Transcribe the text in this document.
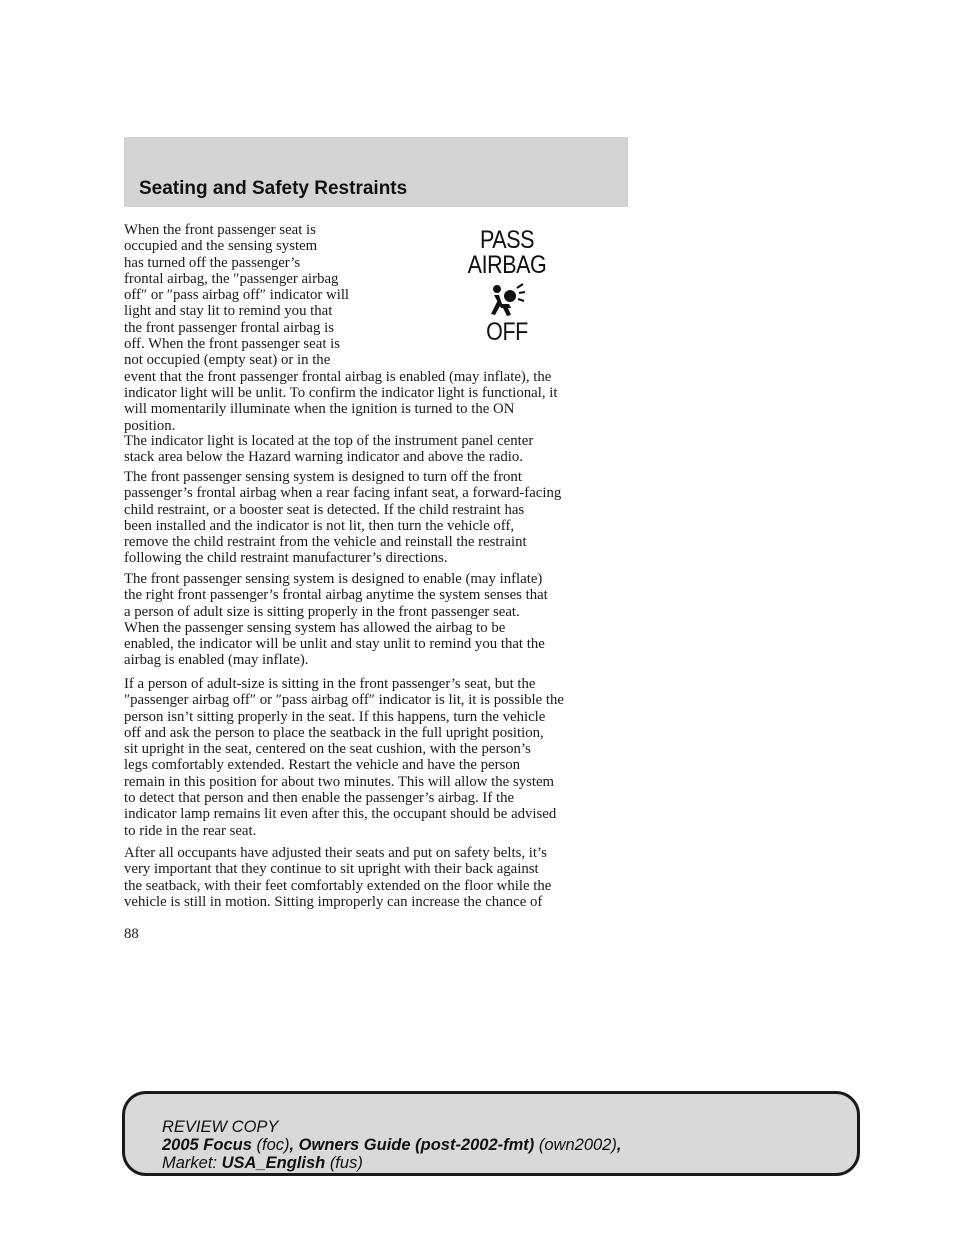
Seating and Safety Restraints
PASS
AIRBAG
OFF
When the front passenger seat is
occupied and the sensing system
has turned off the passenger’s
frontal airbag, the ″passenger airbag
off″ or ″pass airbag off″ indicator will
light and stay lit to remind you that
the front passenger frontal airbag is
off. When the front passenger seat is
not occupied (empty seat) or in the
event that the front passenger frontal airbag is enabled (may inflate), the
indicator light will be unlit. To confirm the indicator light is functional, it
will momentarily illuminate when the ignition is turned to the ON
position.
The indicator light is located at the top of the instrument panel center
stack area below the Hazard warning indicator and above the radio.
The front passenger sensing system is designed to turn off the front
passenger’s frontal airbag when a rear facing infant seat, a forward-facing
child restraint, or a booster seat is detected. If the child restraint has
been installed and the indicator is not lit, then turn the vehicle off,
remove the child restraint from the vehicle and reinstall the restraint
following the child restraint manufacturer’s directions.
The front passenger sensing system is designed to enable (may inflate)
the right front passenger’s frontal airbag anytime the system senses that
a person of adult size is sitting properly in the front passenger seat.
When the passenger sensing system has allowed the airbag to be
enabled, the indicator will be unlit and stay unlit to remind you that the
airbag is enabled (may inflate).
If a person of adult-size is sitting in the front passenger’s seat, but the
″passenger airbag off″ or ″pass airbag off″ indicator is lit, it is possible the
person isn’t sitting properly in the seat. If this happens, turn the vehicle
off and ask the person to place the seatback in the full upright position,
sit upright in the seat, centered on the seat cushion, with the person’s
legs comfortably extended. Restart the vehicle and have the person
remain in this position for about two minutes. This will allow the system
to detect that person and then enable the passenger’s airbag. If the
indicator lamp remains lit even after this, the occupant should be advised
to ride in the rear seat.
After all occupants have adjusted their seats and put on safety belts, it’s
very important that they continue to sit upright with their back against
the seatback, with their feet comfortably extended on the floor while the
vehicle is still in motion. Sitting improperly can increase the chance of
88
REVIEW COPY
2005 Focus (foc), Owners Guide (post-2002-fmt) (own2002),
Market: USA_English (fus)
